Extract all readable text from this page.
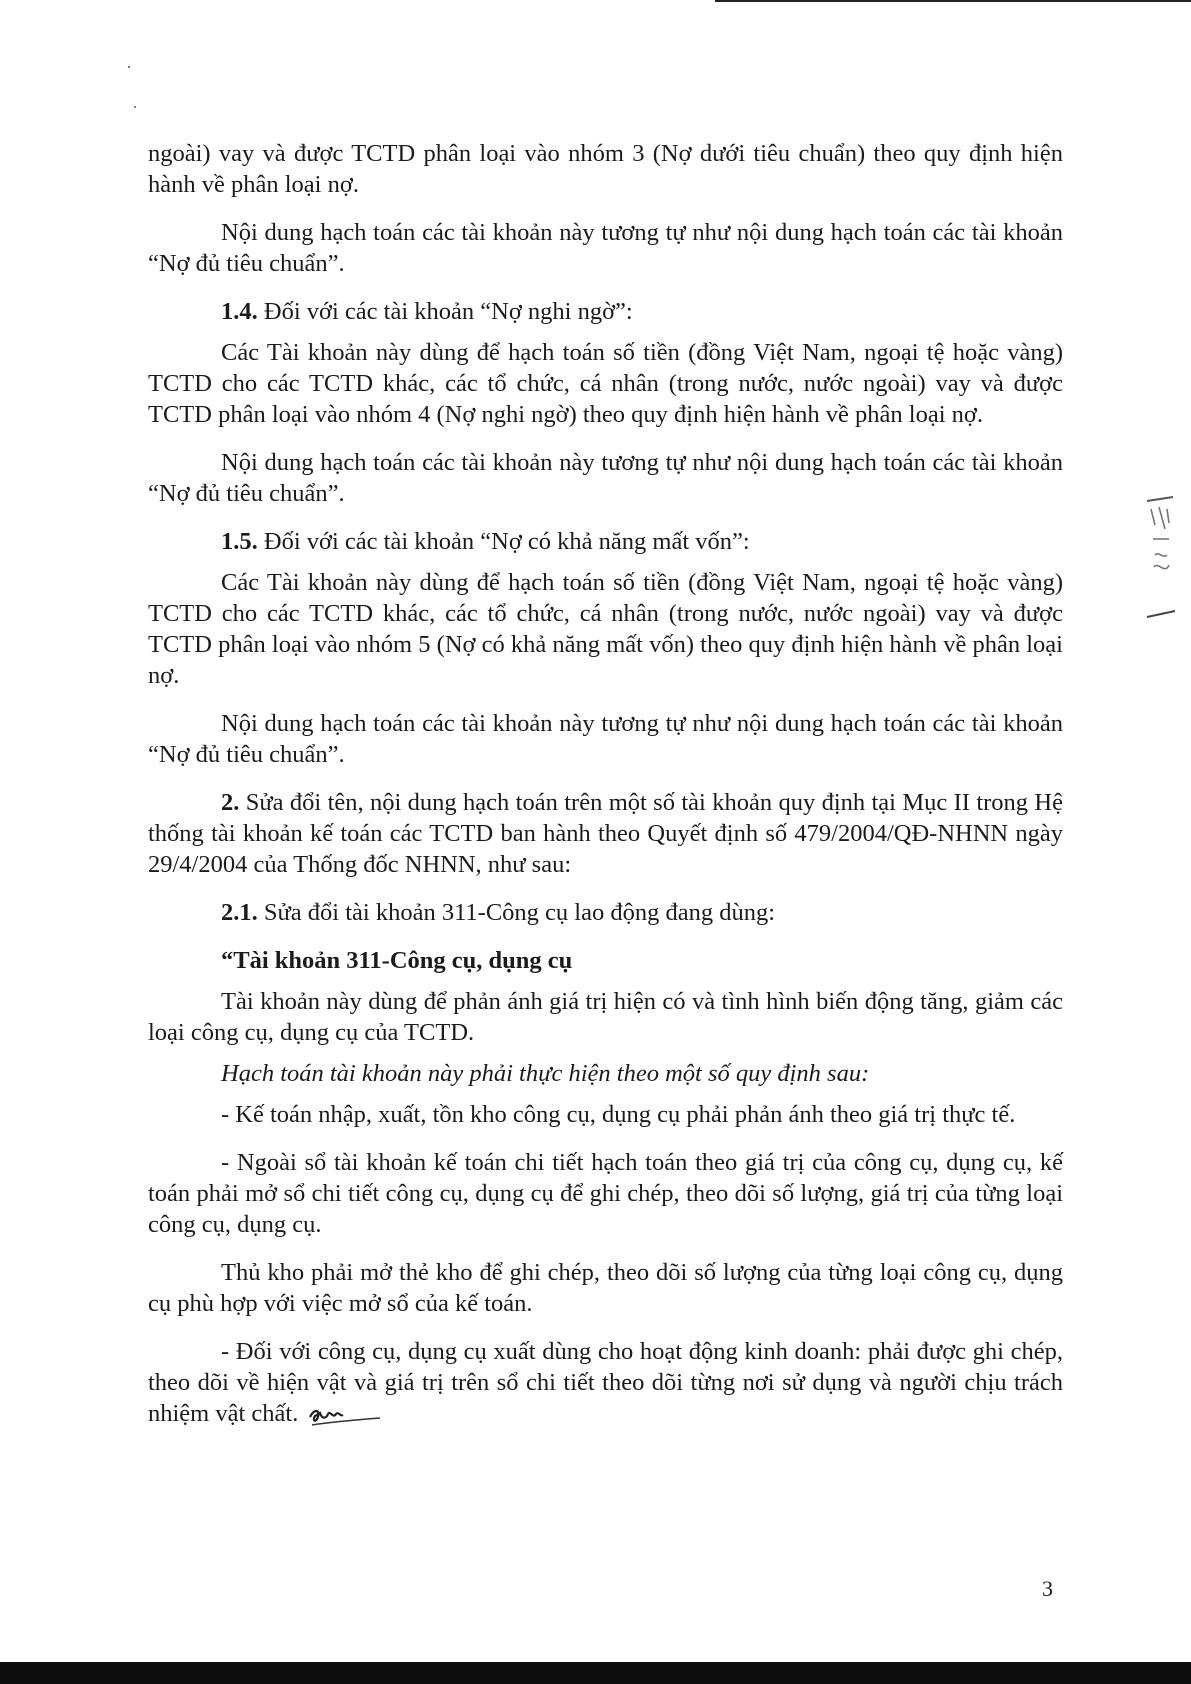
ngoài) vay và được TCTD phân loại vào nhóm 3 (Nợ dưới tiêu chuẩn) theo quy định hiện hành về phân loại nợ.

Nội dung hạch toán các tài khoản này tương tự như nội dung hạch toán các tài khoản “Nợ đủ tiêu chuẩn”.

1.4. Đối với các tài khoản “Nợ nghi ngờ”:

Các Tài khoản này dùng để hạch toán số tiền (đồng Việt Nam, ngoại tệ hoặc vàng) TCTD cho các TCTD khác, các tổ chức, cá nhân (trong nước, nước ngoài) vay và được TCTD phân loại vào nhóm 4 (Nợ nghi ngờ) theo quy định hiện hành về phân loại nợ.

Nội dung hạch toán các tài khoản này tương tự như nội dung hạch toán các tài khoản “Nợ đủ tiêu chuẩn”.

1.5. Đối với các tài khoản “Nợ có khả năng mất vốn”:

Các Tài khoản này dùng để hạch toán số tiền (đồng Việt Nam, ngoại tệ hoặc vàng) TCTD cho các TCTD khác, các tổ chức, cá nhân (trong nước, nước ngoài) vay và được TCTD phân loại vào nhóm 5 (Nợ có khả năng mất vốn) theo quy định hiện hành về phân loại nợ.

Nội dung hạch toán các tài khoản này tương tự như nội dung hạch toán các tài khoản “Nợ đủ tiêu chuẩn”.

2. Sửa đổi tên, nội dung hạch toán trên một số tài khoản quy định tại Mục II trong Hệ thống tài khoản kế toán các TCTD ban hành theo Quyết định số 479/2004/QĐ-NHNN ngày 29/4/2004 của Thống đốc NHNN, như sau:

2.1. Sửa đổi tài khoản 311-Công cụ lao động đang dùng:

“Tài khoản 311-Công cụ, dụng cụ

Tài khoản này dùng để phản ánh giá trị hiện có và tình hình biến động tăng, giảm các loại công cụ, dụng cụ của TCTD.

Hạch toán tài khoản này phải thực hiện theo một số quy định sau:

- Kế toán nhập, xuất, tồn kho công cụ, dụng cụ phải phản ánh theo giá trị thực tế.

- Ngoài sổ tài khoản kế toán chi tiết hạch toán theo giá trị của công cụ, dụng cụ, kế toán phải mở sổ chi tiết công cụ, dụng cụ để ghi chép, theo dõi số lượng, giá trị của từng loại công cụ, dụng cụ.

Thủ kho phải mở thẻ kho để ghi chép, theo dõi số lượng của từng loại công cụ, dụng cụ phù hợp với việc mở sổ của kế toán.

- Đối với công cụ, dụng cụ xuất dùng cho hoạt động kinh doanh: phải được ghi chép, theo dõi về hiện vật và giá trị trên sổ chi tiết theo dõi từng nơi sử dụng và người chịu trách nhiệm vật chất.

3
